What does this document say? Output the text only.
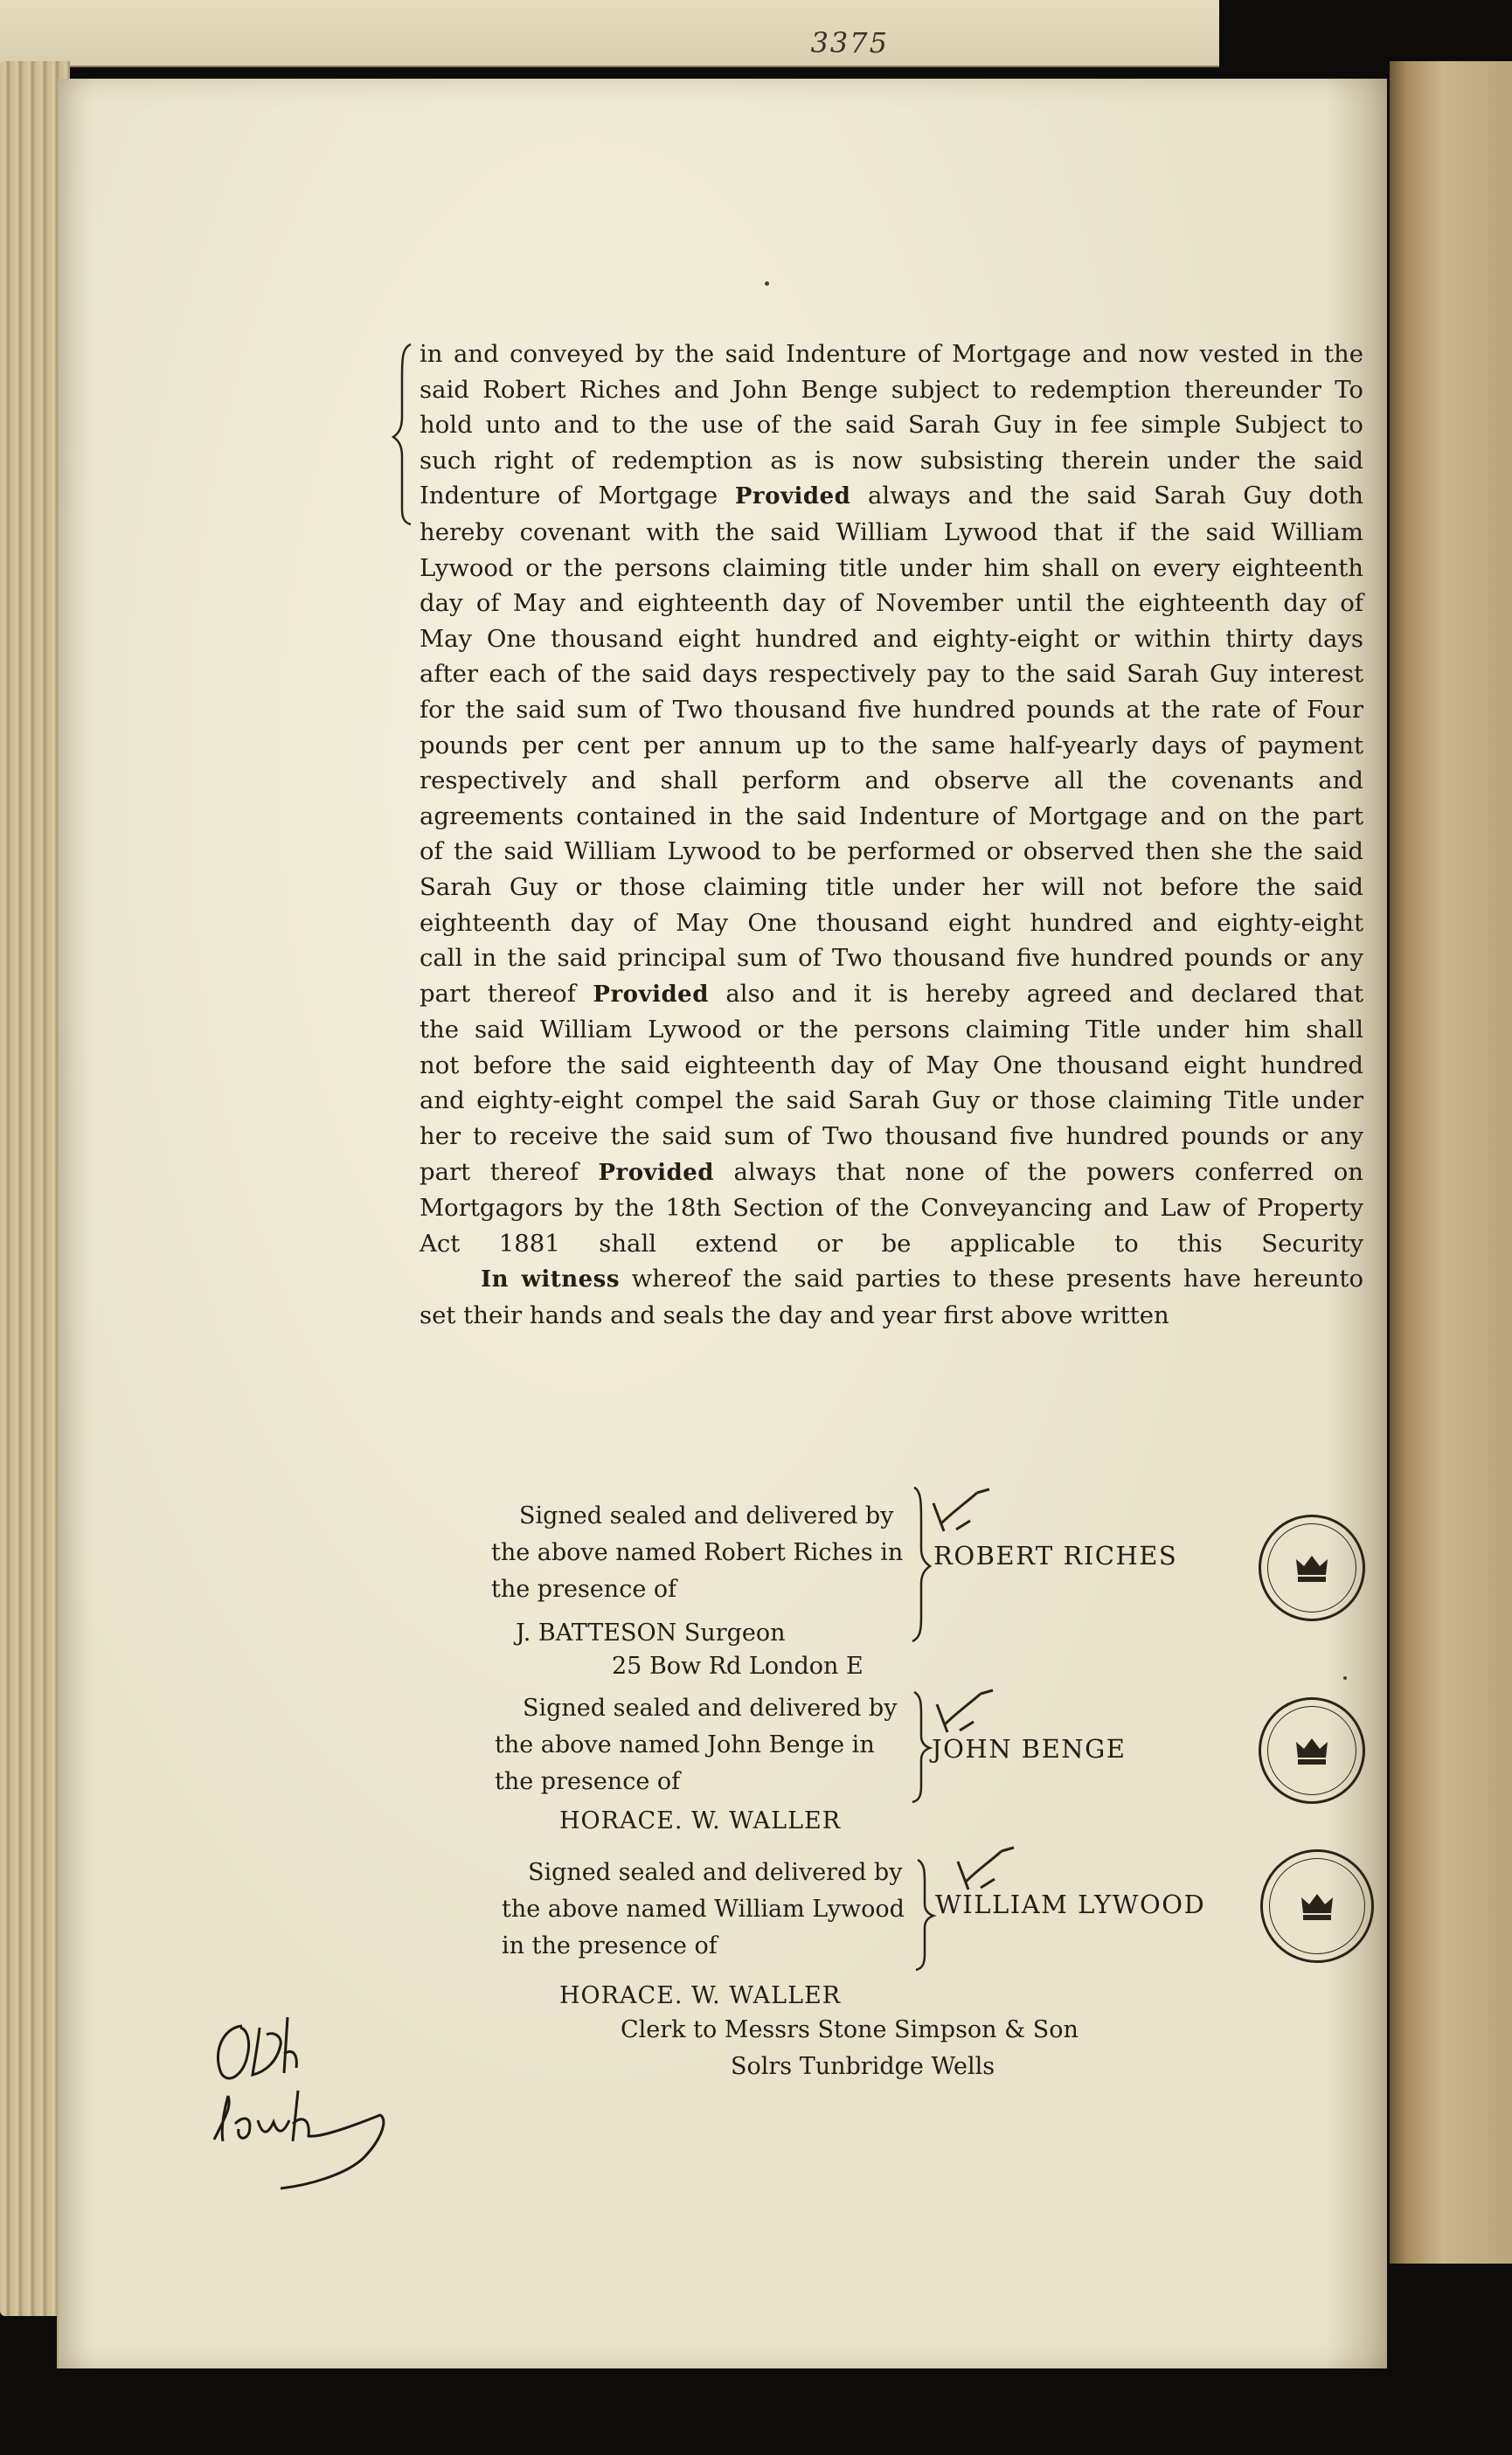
3375
in and conveyed by the said Indenture of Mortgage and now vested in the
said Robert Riches and John Benge subject to redemption thereunder To
hold unto and to the use of the said Sarah Guy in fee simple Subject to
such right of redemption as is now subsisting therein under the said
Indenture of Mortgage Provided always and the said Sarah Guy doth
hereby covenant with the said William Lywood that if the said William
Lywood or the persons claiming title under him shall on every eighteenth
day of May and eighteenth day of November until the eighteenth day of
May One thousand eight hundred and eighty-eight or within thirty days
after each of the said days respectively pay to the said Sarah Guy interest
for the said sum of Two thousand five hundred pounds at the rate of Four
pounds per cent per annum up to the same half-yearly days of payment
respectively and shall perform and observe all the covenants and
agreements contained in the said Indenture of Mortgage and on the part
of the said William Lywood to be performed or observed then she the said
Sarah Guy or those claiming title under her will not before the said
eighteenth day of May One thousand eight hundred and eighty-eight
call in the said principal sum of Two thousand five hundred pounds or any
part thereof Provided also and it is hereby agreed and declared that
the said William Lywood or the persons claiming Title under him shall
not before the said eighteenth day of May One thousand eight hundred
and eighty-eight compel the said Sarah Guy or those claiming Title under
her to receive the said sum of Two thousand five hundred pounds or any
part thereof Provided always that none of the powers conferred on
Mortgagors by the 18th Section of the Conveyancing and Law of Property
Act 1881 shall extend or be applicable to this Security
In witness whereof the said parties to these presents have hereunto
set their hands and seals the day and year first above written
Signed sealed and delivered by
the above named Robert Riches in
the presence of
ROBERT RICHES
J. BATTESON Surgeon
25 Bow Rd London E
Signed sealed and delivered by
the above named John Benge in
the presence of
JOHN BENGE
HORACE. W. WALLER
Signed sealed and delivered by
the above named William Lywood
in the presence of
WILLIAM LYWOOD
HORACE. W. WALLER
Clerk to Messrs Stone Simpson & Son
Solrs Tunbridge Wells
